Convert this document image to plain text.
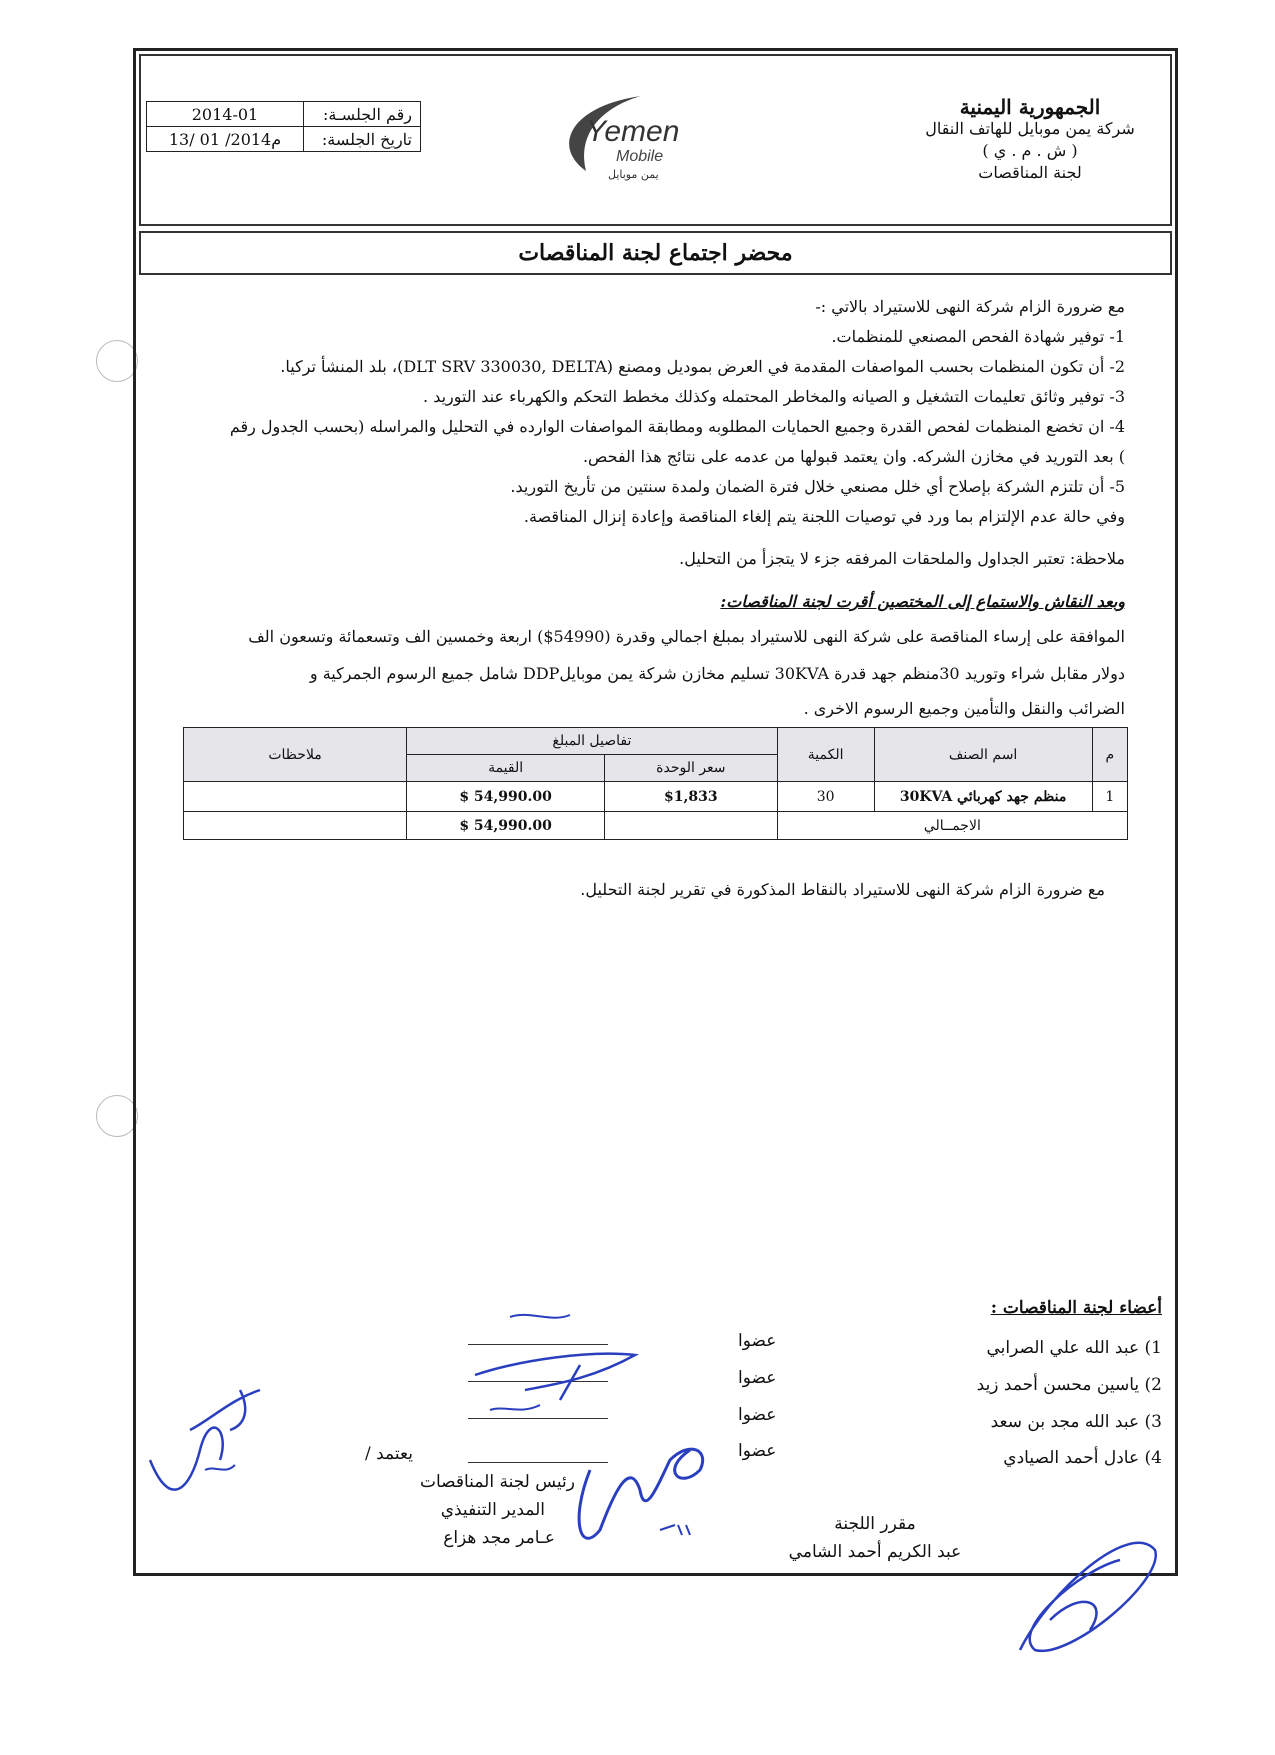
رقم الجلسـة:	2014-01
تاريخ الجلسة:	13/ 01 /2014م	Yemen
Mobile
يمن موبايل
الجمهورية اليمنية
شركة يمن موبايل للهاتف النقال
( ش . م . ي )
لجنة المناقصات
محضر اجتماع لجنة المناقصات
مع ضرورة الزام شركة النهى للاستيراد بالاتي :-
1- توفير شهادة الفحص المصنعي للمنظمات.
2- أن تكون المنظمات بحسب المواصفات المقدمة في العرض بموديل ومصنع (DLT SRV 330030, DELTA)، بلد المنشأ تركيا.
3- توفير وثائق تعليمات التشغيل و الصيانه والمخاطر المحتمله وكذلك مخطط التحكم والكهرباء عند التوريد .
4- ان تخضع المنظمات لفحص القدرة وجميع الحمايات المطلوبه ومطابقة المواصفات الوارده في التحليل والمراسله (بحسب الجدول رقم
) بعد التوريد في مخازن الشركه. وان يعتمد قبولها من عدمه على نتائج هذا الفحص.
5- أن تلتزم الشركة بإصلاح أي خلل مصنعي خلال فترة الضمان ولمدة سنتين من تأريخ التوريد.
وفي حالة عدم الإلتزام بما ورد في توصيات اللجنة يتم إلغاء المناقصة وإعادة إنزال المناقصة.
ملاحظة: تعتبر الجداول والملحقات المرفقه جزء لا يتجزأ من التحليل.
وبعد النقاش والاستماع إلى المختصين أقرت لجنة المناقصات:
الموافقة على إرساء المناقصة على شركة النهى للاستيراد بمبلغ اجمالي وقدرة (54990$) اربعة وخمسين الف وتسعمائة وتسعون الف
دولار مقابل شراء وتوريد 30منظم جهد قدرة 30KVA تسليم مخازن شركة يمن موبايلDDP شامل جميع الرسوم الجمركية و
الضرائب والنقل والتأمين وجميع الرسوم الاخرى .
م	اسم الصنف	الكمية	تفاصيل المبلغ		ملاحظات
			سعر الوحدة	القيمة	
1	منظم جهد كهربائي 30KVA	30	$1,833	$ 54,990.00	
الاجمــالي				$ 54,990.00	
مع ضرورة الزام شركة النهى للاستيراد بالنقاط المذكورة في تقرير لجنة التحليل.
أعضاء لجنة المناقصات :
1) عبد الله علي الصرابي
2) ياسين محسن أحمد زيد
3) عبد الله مجد بن سعد
4) عادل أحمد الصيادي
عضوا
عضوا
عضوا
عضوا
يعتمد /
رئيس لجنة المناقصات
المدير التنفيذي
عـامر مجد هزاع
مقرر اللجنة
عبد الكريم أحمد الشامي
